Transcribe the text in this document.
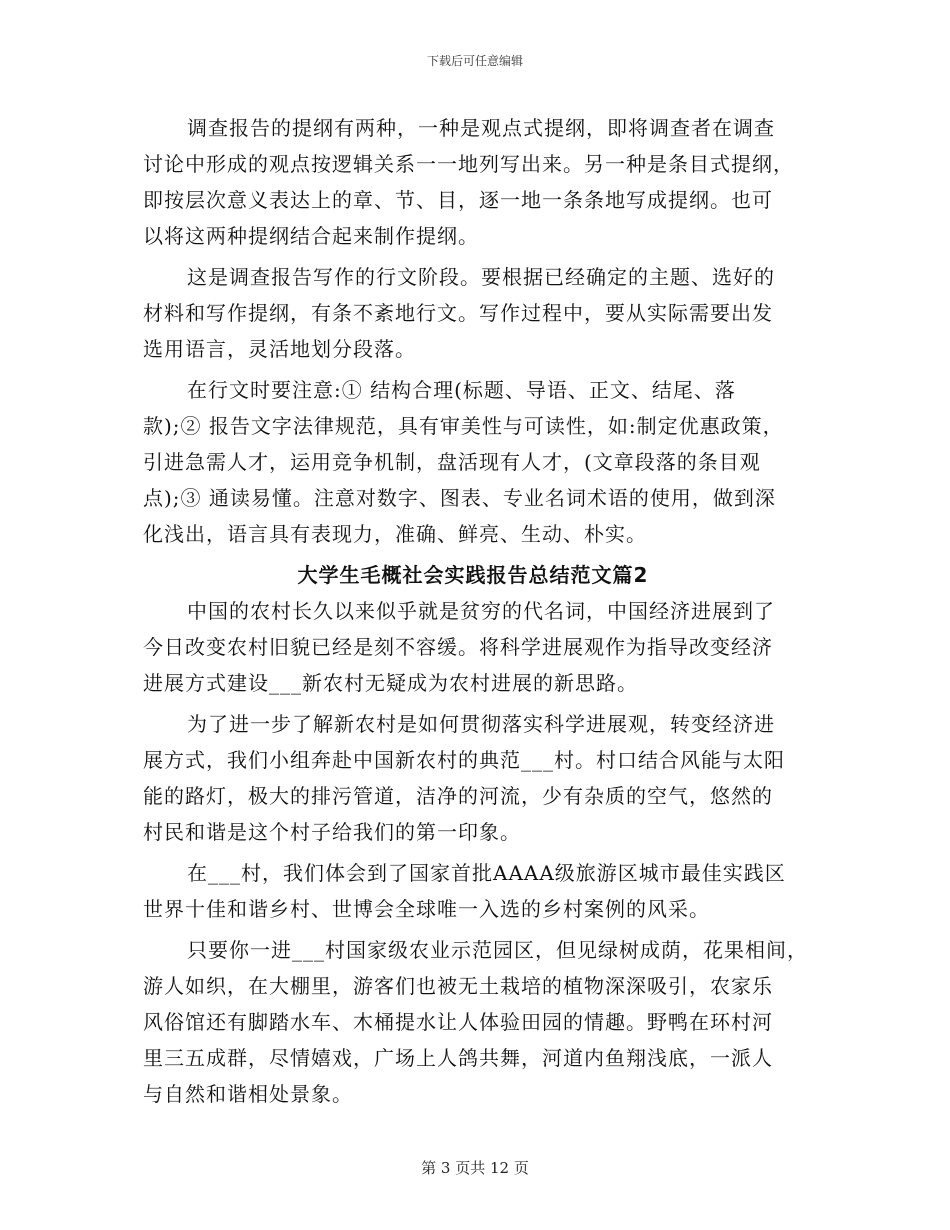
下载后可任意编辑
调查报告的提纲有两种，一种是观点式提纲，即将调查者在调查
讨论中形成的观点按逻辑关系一一地列写出来。另一种是条目式提纲，
即按层次意义表达上的章、节、目，逐一地一条条地写成提纲。也可
以将这两种提纲结合起来制作提纲。
这是调查报告写作的行文阶段。要根据已经确定的主题、选好的
材料和写作提纲，有条不紊地行文。写作过程中，要从实际需要出发
选用语言，灵活地划分段落。
在行文时要注意:① 结构合理(标题、导语、正文、结尾、落
款);② 报告文字法律规范，具有审美性与可读性，如:制定优惠政策，
引进急需人才，运用竞争机制，盘活现有人才，(文章段落的条目观
点);③ 通读易懂。注意对数字、图表、专业名词术语的使用，做到深
化浅出，语言具有表现力，准确、鲜亮、生动、朴实。
大学生毛概社会实践报告总结范文篇2
中国的农村长久以来似乎就是贫穷的代名词，中国经济进展到了
今日改变农村旧貌已经是刻不容缓。将科学进展观作为指导改变经济
进展方式建设___新农村无疑成为农村进展的新思路。
为了进一步了解新农村是如何贯彻落实科学进展观，转变经济进
展方式，我们小组奔赴中国新农村的典范___村。村口结合风能与太阳
能的路灯，极大的排污管道，洁净的河流，少有杂质的空气，悠然的
村民和谐是这个村子给我们的第一印象。
在___村，我们体会到了国家首批AAAA级旅游区城市最佳实践区
世界十佳和谐乡村、世博会全球唯一入选的乡村案例的风采。
只要你一进___村国家级农业示范园区，但见绿树成荫，花果相间，
游人如织，在大棚里，游客们也被无土栽培的植物深深吸引，农家乐
风俗馆还有脚踏水车、木桶提水让人体验田园的情趣。野鸭在环村河
里三五成群，尽情嬉戏，广场上人鸽共舞，河道内鱼翔浅底，一派人
与自然和谐相处景象。
第 3 页共 12 页
